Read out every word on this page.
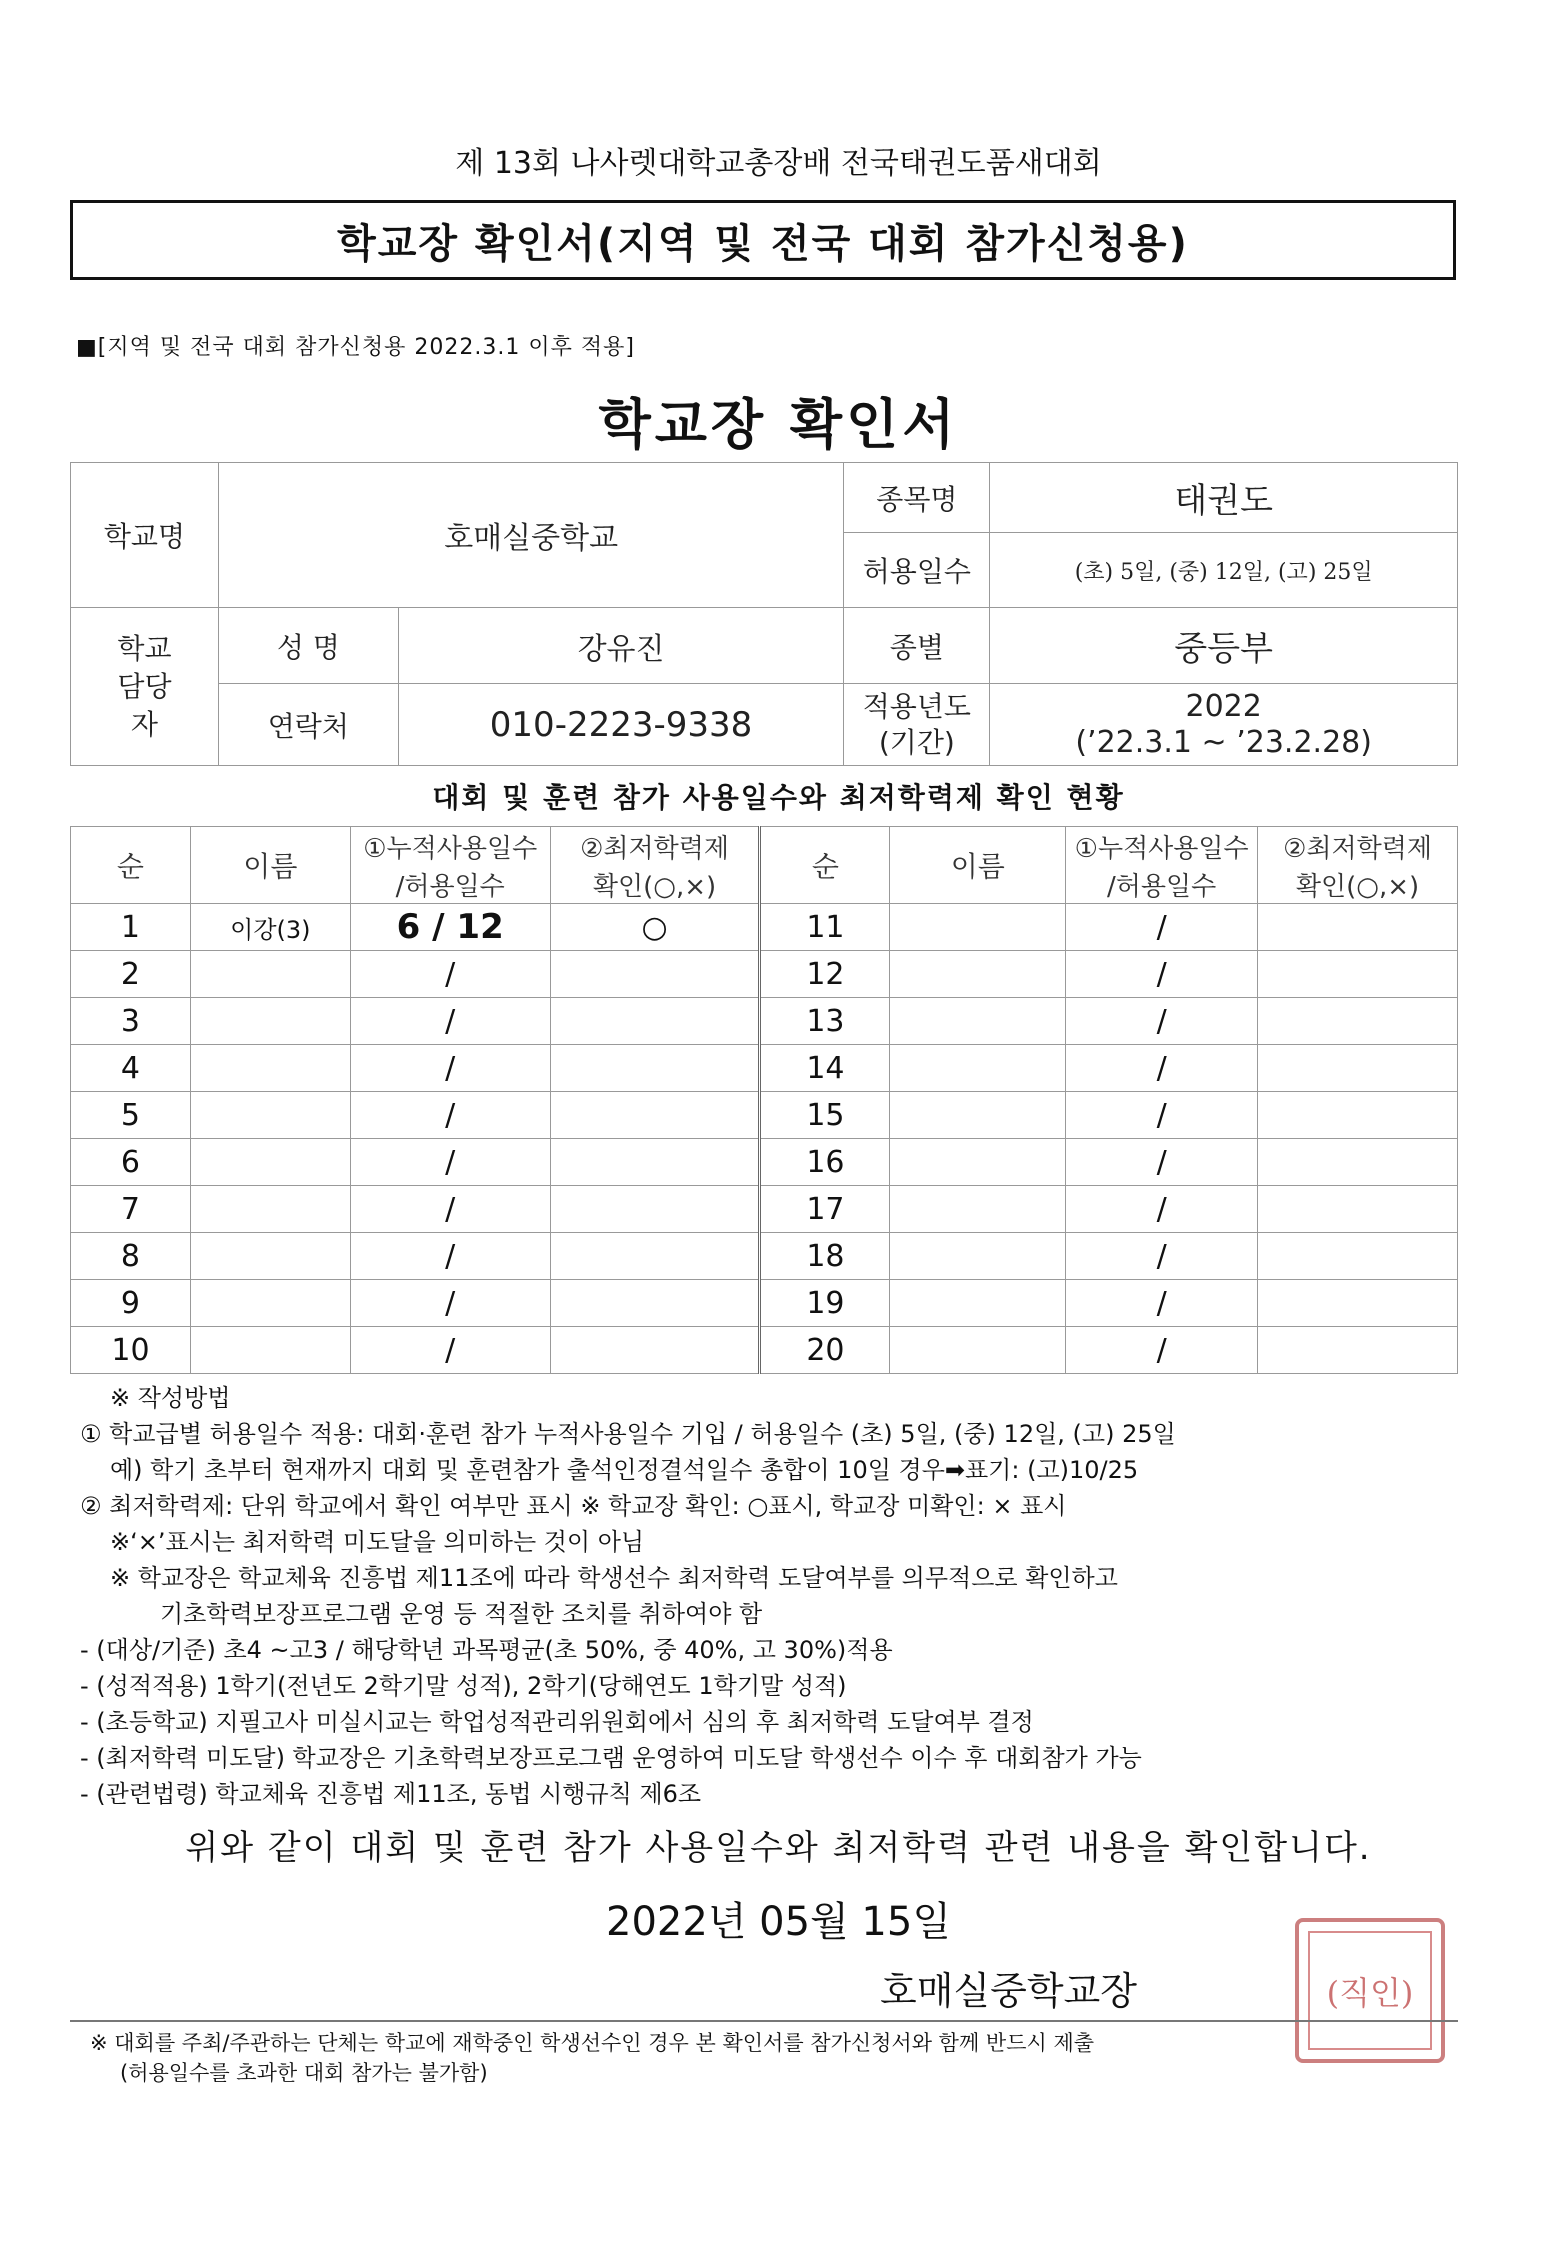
제 13회 나사렛대학교총장배 전국태권도품새대회
학교장 확인서(지역 및 전국 대회 참가신청용)
■[지역 및 전국 대회 참가신청용 2022.3.1 이후 적용]
학교장 확인서
학교명	호매실중학교		종목명	태권도
			허용일수	(초) 5일, (중) 12일, (고) 25일

학교 담당자	성 명	강유진	종별	중등부
	연락처	010-2223-9338	적용년도 (기간)	2022
(’22.3.1 ~ ’23.2.28)
대회 및 훈련 참가 사용일수와 최저학력제 확인 현황
순	이름	①누적사용일수	②최저학력제	순	이름	①누적사용일수	②최저학력제
		/허용일수	확인(○,×)			/허용일수	확인(○,×)
1	이강(3)	6 / 12	○	11		/	
2		/		12		/	
3		/		13		/	
4		/		14		/	
5		/		15		/	
6		/		16		/	
7		/		17		/	
8		/		18		/	
9		/		19		/	
10		/		20		/	
※ 작성방법
① 학교급별 허용일수 적용: 대회·훈련 참가 누적사용일수 기입 / 허용일수 (초) 5일, (중) 12일, (고) 25일
예) 학기 초부터 현재까지 대회 및 훈련참가 출석인정결석일수 총합이 10일 경우➡표기: (고)10/25
② 최저학력제: 단위 학교에서 확인 여부만 표시 ※ 학교장 확인: ○표시, 학교장 미확인: × 표시
※‘×’표시는 최저학력 미도달을 의미하는 것이 아님
※ 학교장은 학교체육 진흥법 제11조에 따라 학생선수 최저학력 도달여부를 의무적으로 확인하고
기초학력보장프로그램 운영 등 적절한 조치를 취하여야 함
- (대상/기준) 초4 ~고3 / 해당학년 과목평균(초 50%, 중 40%, 고 30%)적용
- (성적적용) 1학기(전년도 2학기말 성적), 2학기(당해연도 1학기말 성적)
- (초등학교) 지필고사 미실시교는 학업성적관리위원회에서 심의 후 최저학력 도달여부 결정
- (최저학력 미도달) 학교장은 기초학력보장프로그램 운영하여 미도달 학생선수 이수 후 대회참가 가능
- (관련법령) 학교체육 진흥법 제11조, 동법 시행규칙 제6조
위와 같이 대회 및 훈련 참가 사용일수와 최저학력 관련 내용을 확인합니다.
2022년 05월 15일
호매실중학교장	(직인)
※ 대회를 주최/주관하는 단체는 학교에 재학중인 학생선수인 경우 본 확인서를 참가신청서와 함께 반드시 제출
(허용일수를 초과한 대회 참가는 불가함)
